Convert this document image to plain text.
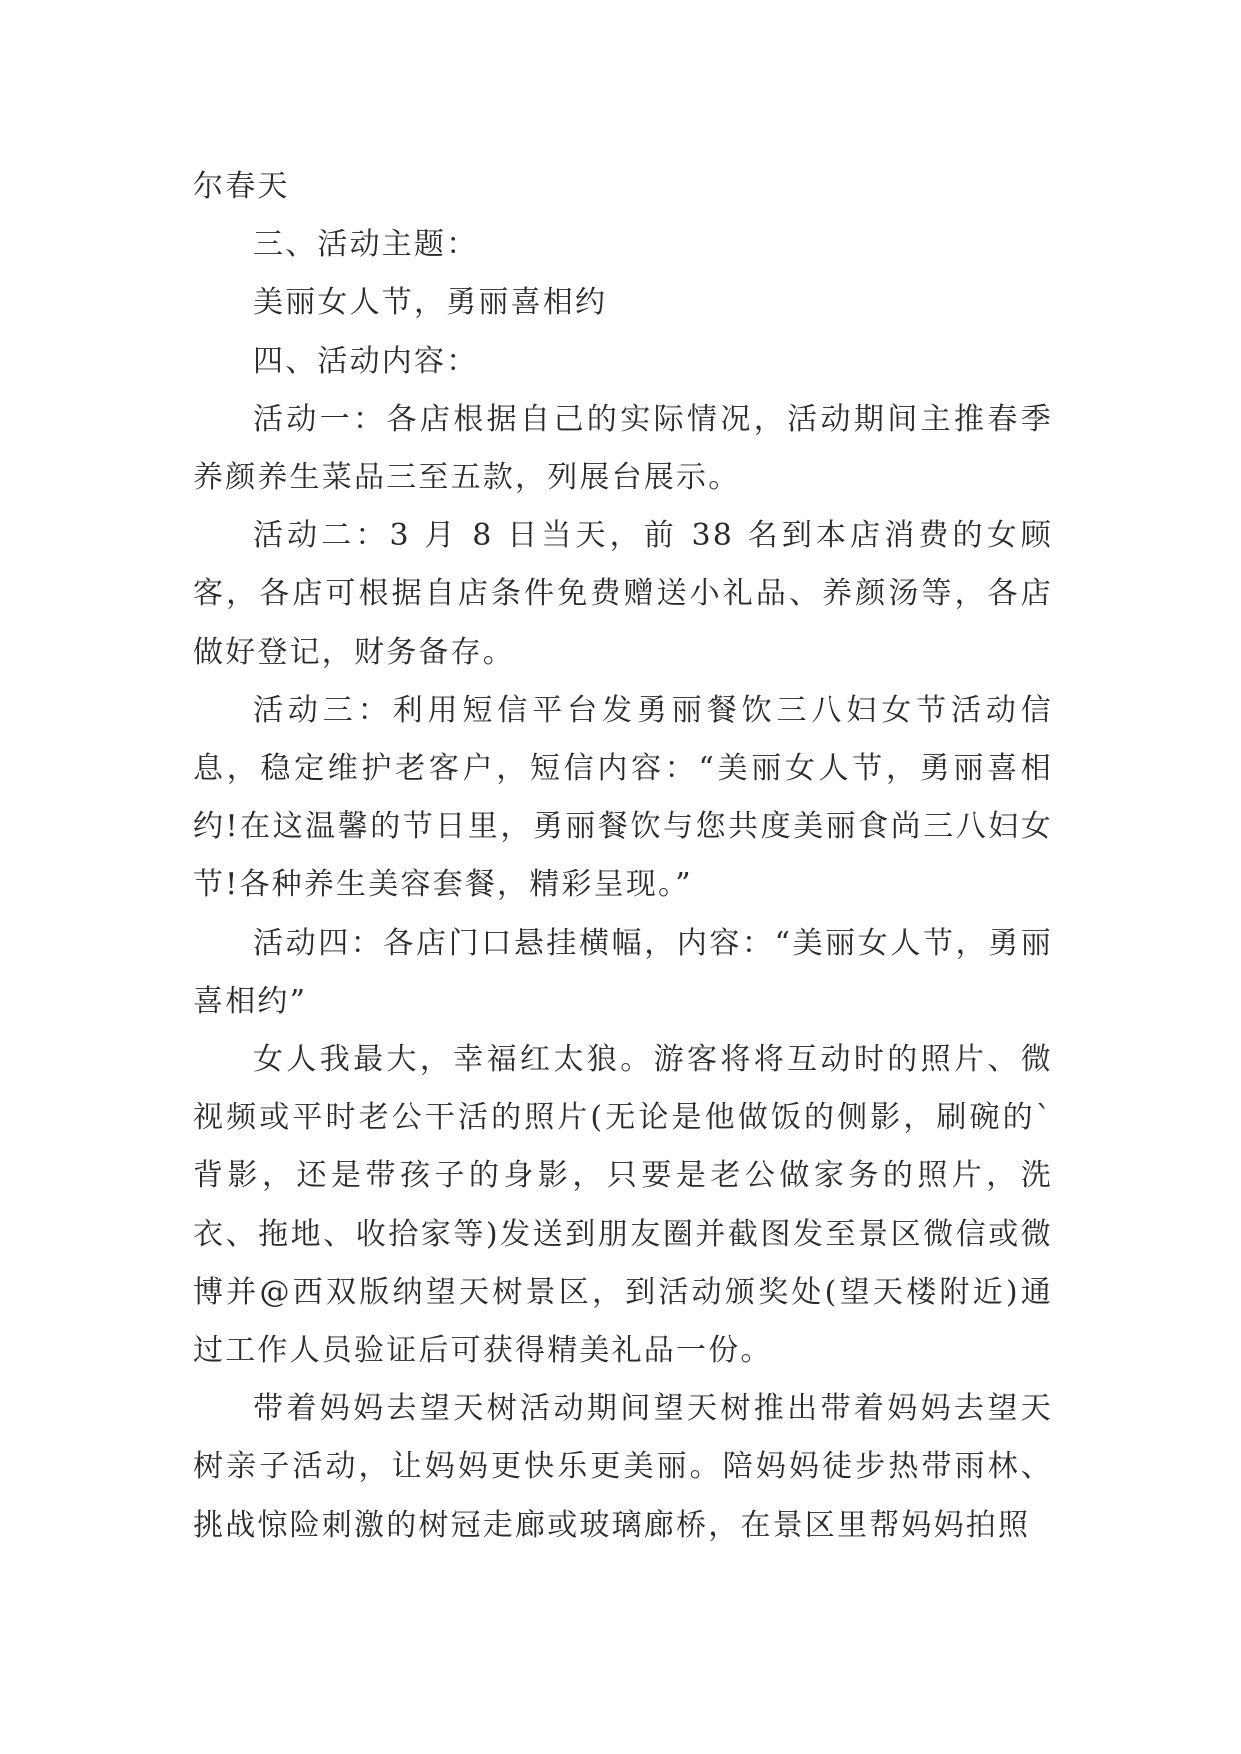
尔春天

三、活动主题：

美丽女人节，勇丽喜相约

四、活动内容：

活动一：各店根据自己的实际情况，活动期间主推春季养颜养生菜品三至五款，列展台展示。

活动二：3 月 8 日当天，前 38 名到本店消费的女顾客，各店可根据自店条件免费赠送小礼品、养颜汤等，各店做好登记，财务备存。

活动三：利用短信平台发勇丽餐饮三八妇女节活动信息，稳定维护老客户，短信内容：“美丽女人节，勇丽喜相约!在这温馨的节日里，勇丽餐饮与您共度美丽食尚三八妇女节!各种养生美容套餐，精彩呈现。”

活动四：各店门口悬挂横幅，内容：“美丽女人节，勇丽喜相约”

女人我最大，幸福红太狼。游客将将互动时的照片、微视频或平时老公干活的照片(无论是他做饭的侧影，刷碗的`背影，还是带孩子的身影，只要是老公做家务的照片，洗衣、拖地、收拾家等)发送到朋友圈并截图发至景区微信或微博并@西双版纳望天树景区，到活动颁奖处(望天楼附近)通过工作人员验证后可获得精美礼品一份。

带着妈妈去望天树活动期间望天树推出带着妈妈去望天树亲子活动，让妈妈更快乐更美丽。陪妈妈徒步热带雨林、挑战惊险刺激的树冠走廊或玻璃廊桥，在景区里帮妈妈拍照
